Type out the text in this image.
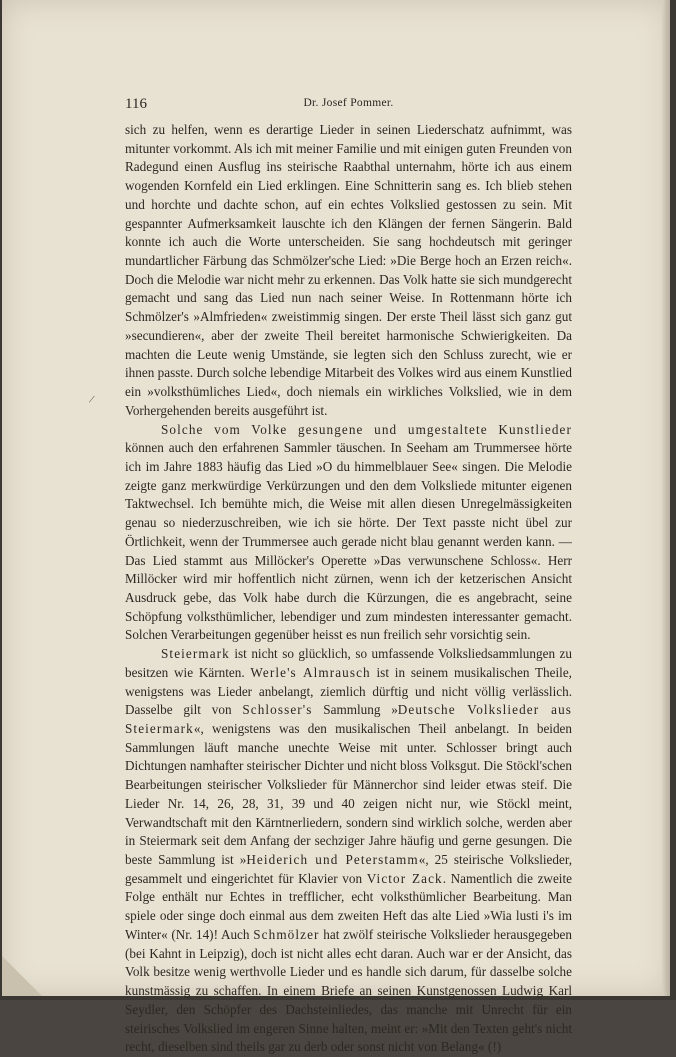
116	Dr. Josef Pommer.
/

sich zu helfen, wenn es derartige Lieder in seinen Liederschatz aufnimmt, was mitunter vorkommt. Als ich mit meiner Familie und mit einigen guten Freunden von Radegund einen Ausflug ins steirische Raabthal unternahm, hörte ich aus einem wogenden Kornfeld ein Lied erklingen. Eine Schnitterin sang es. Ich blieb stehen und horchte und dachte schon, auf ein echtes Volkslied gestossen zu sein. Mit gespannter Aufmerksamkeit lauschte ich den Klängen der fernen Sängerin. Bald konnte ich auch die Worte unterscheiden. Sie sang hochdeutsch mit geringer mundartlicher Färbung das Schmölzer'sche Lied: »Die Berge hoch an Erzen reich«. Doch die Melodie war nicht mehr zu erkennen. Das Volk hatte sie sich mundgerecht gemacht und sang das Lied nun nach seiner Weise. In Rottenmann hörte ich Schmölzer's »Almfrieden« zweistimmig singen. Der erste Theil lässt sich ganz gut »secundieren«, aber der zweite Theil bereitet harmonische Schwierigkeiten. Da machten die Leute wenig Umstände, sie legten sich den Schluss zurecht, wie er ihnen passte. Durch solche lebendige Mitarbeit des Volkes wird aus einem Kunstlied ein »volksthümliches Lied«, doch niemals ein wirkliches Volkslied, wie in dem Vorhergehenden bereits ausgeführt ist.

Solche vom Volke gesungene und umgestaltete Kunstlieder können auch den erfahrenen Sammler täuschen. In Seeham am Trummersee hörte ich im Jahre 1883 häufig das Lied »O du himmelblauer See« singen. Die Melodie zeigte ganz merkwürdige Verkürzungen und den dem Volksliede mitunter eigenen Taktwechsel. Ich bemühte mich, die Weise mit allen diesen Unregelmässigkeiten genau so niederzuschreiben, wie ich sie hörte. Der Text passte nicht übel zur Örtlichkeit, wenn der Trummersee auch gerade nicht blau genannt werden kann. — Das Lied stammt aus Millöcker's Operette »Das verwunschene Schloss«. Herr Millöcker wird mir hoffentlich nicht zürnen, wenn ich der ketzerischen Ansicht Ausdruck gebe, das Volk habe durch die Kürzungen, die es angebracht, seine Schöpfung volksthümlicher, lebendiger und zum mindesten interessanter gemacht. Solchen Verarbeitungen gegenüber heisst es nun freilich sehr vorsichtig sein.

Steiermark ist nicht so glücklich, so umfassende Volksliedsammlungen zu besitzen wie Kärnten. Werle's Almrausch ist in seinem musikalischen Theile, wenigstens was Lieder anbelangt, ziemlich dürftig und nicht völlig verlässlich. Dasselbe gilt von Schlosser's Sammlung »Deutsche Volkslieder aus Steiermark«, wenigstens was den musikalischen Theil anbelangt. In beiden Sammlungen läuft manche unechte Weise mit unter. Schlosser bringt auch Dichtungen namhafter steirischer Dichter und nicht bloss Volksgut. Die Stöckl'schen Bearbeitungen steirischer Volkslieder für Männerchor sind leider etwas steif. Die Lieder Nr. 14, 26, 28, 31, 39 und 40 zeigen nicht nur, wie Stöckl meint, Verwandtschaft mit den Kärntnerliedern, sondern sind wirklich solche, werden aber in Steiermark seit dem Anfang der sechziger Jahre häufig und gerne gesungen. Die beste Sammlung ist »Heiderich und Peterstamm«, 25 steirische Volkslieder, gesammelt und eingerichtet für Klavier von Victor Zack. Namentlich die zweite Folge enthält nur Echtes in trefflicher, echt volksthümlicher Bearbeitung. Man spiele oder singe doch einmal aus dem zweiten Heft das alte Lied »Wia lusti i's im Winter« (Nr. 14)! Auch Schmölzer hat zwölf steirische Volkslieder herausgegeben (bei Kahnt in Leipzig), doch ist nicht alles echt daran. Auch war er der Ansicht, das Volk besitze wenig werthvolle Lieder und es handle sich darum, für dasselbe solche kunstmässig zu schaffen. In einem Briefe an seinen Kunstgenossen Ludwig Karl Seydler, den Schöpfer des Dachsteinliedes, das manche mit Unrecht für ein steirisches Volkslied im engeren Sinne halten, meint er: »Mit den Texten geht's nicht recht, dieselben sind theils gar zu derb oder sonst nicht von Belang« (!)
